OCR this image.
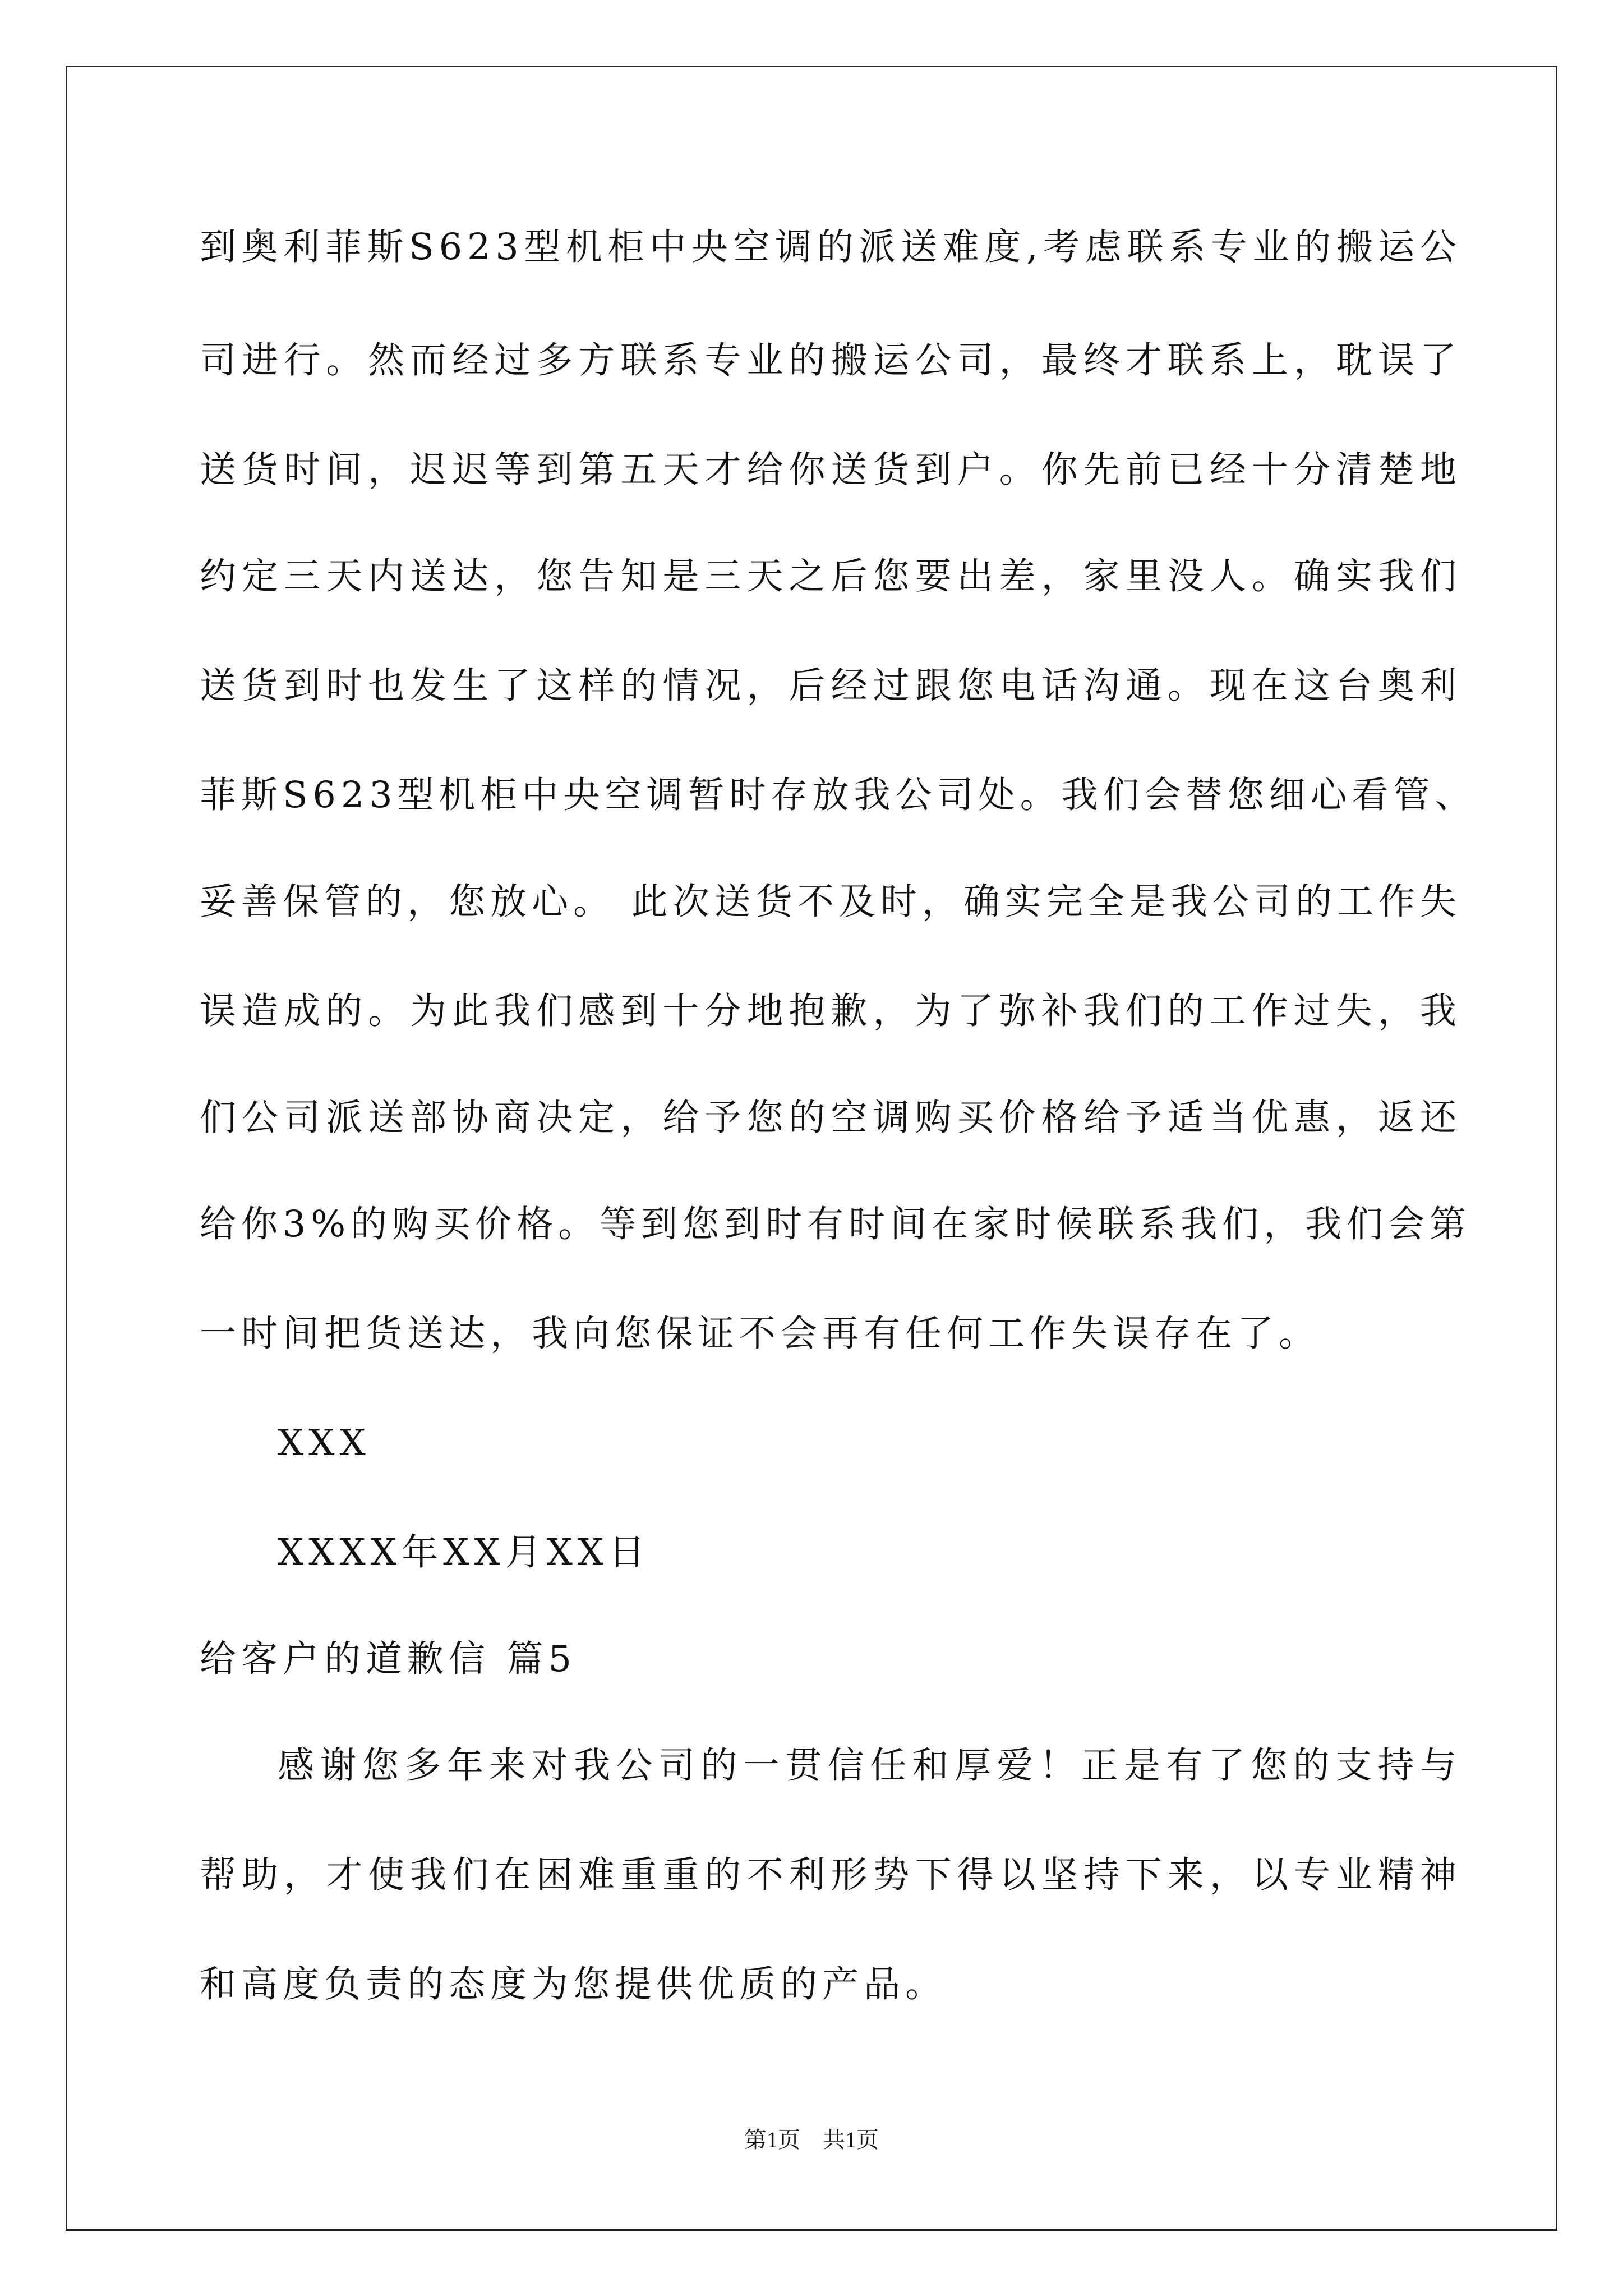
到奥利菲斯S623型机柜中央空调的派送难度,考虑联系专业的搬运公
司进行。然而经过多方联系专业的搬运公司，最终才联系上，耽误了
送货时间，迟迟等到第五天才给你送货到户。你先前已经十分清楚地
约定三天内送达，您告知是三天之后您要出差，家里没人。确实我们
送货到时也发生了这样的情况，后经过跟您电话沟通。现在这台奥利
菲斯S623型机柜中央空调暂时存放我公司处。我们会替您细心看管、
妥善保管的，您放心。 此次送货不及时，确实完全是我公司的工作失
误造成的。为此我们感到十分地抱歉，为了弥补我们的工作过失，我
们公司派送部协商决定，给予您的空调购买价格给予适当优惠，返还
给你3%的购买价格。等到您到时有时间在家时候联系我们，我们会第
一时间把货送达，我向您保证不会再有任何工作失误存在了。
XXX
XXXX年XX月XX日
给客户的道歉信 篇5
感谢您多年来对我公司的一贯信任和厚爱！正是有了您的支持与
帮助，才使我们在困难重重的不利形势下得以坚持下来，以专业精神
和高度负责的态度为您提供优质的产品。
第1页　共1页
